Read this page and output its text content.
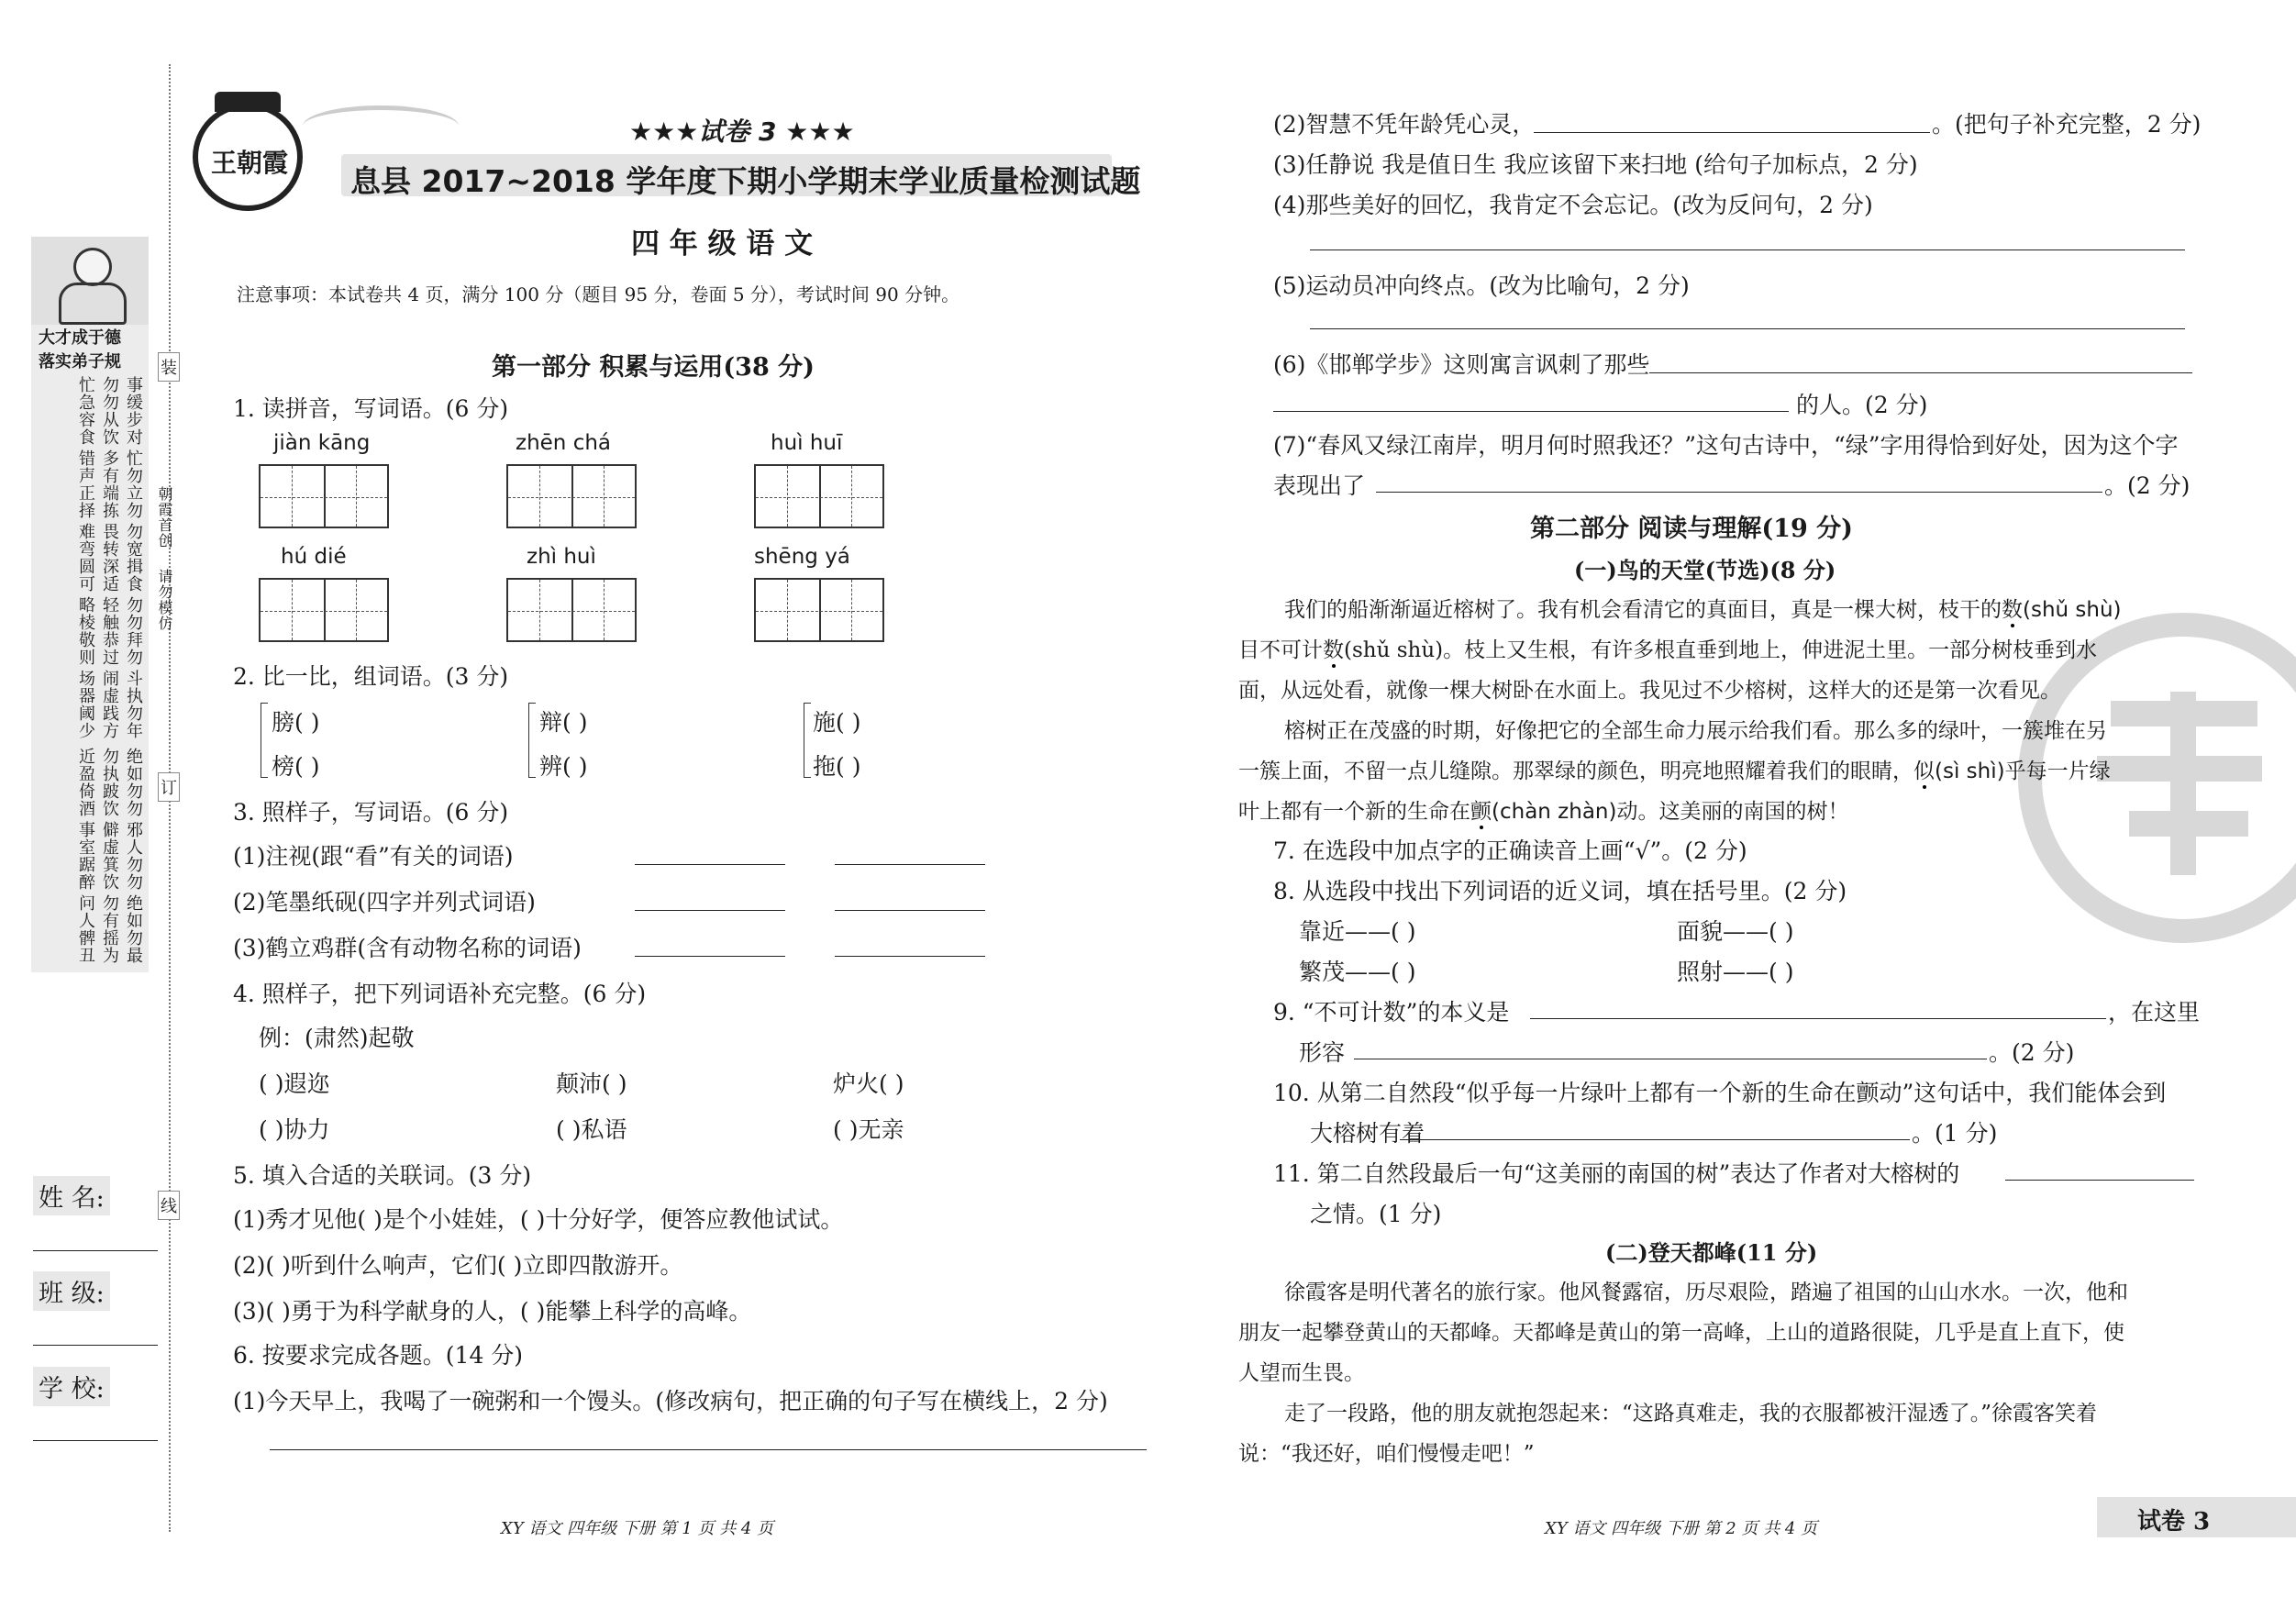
王朝霞
★★★试卷 3 ★★★
息县 2017~2018 学年度下期小学期末学业质量检测试题
四 年 级 语 文
注意事项：本试卷共 4 页，满分 100 分（题目 95 分，卷面 5 分），考试时间 90 分钟。
大才成于德
落实弟子规
事缓步对
勿勿从饮
忙急容食
忙勿立勿
多有端拣
错声正择
勿宽揖食
畏转深适
难弯圆可
勿勿拜勿
轻触恭过
略棱敬则
斗执勿年
闹虚践方
场器阈少
绝如勿勿
勿执跛饮
近盈倚酒
邪人勿勿
僻虚箕饮
事室踞醉
绝如勿最
勿有摇为
问人髀丑
装
订
线
朝霞首创
请勿模仿
姓 名:
班 级:
学 校:
第一部分 积累与运用(38 分)
1. 读拼音，写词语。(6 分)
jiàn kāng	zhēn chá	huì huī
hú dié	zhì huì	shēng yá
2. 比一比，组词语。(3 分)
膀( )
榜( )
辩( )
辨( )
施( )
拖( )
3. 照样子，写词语。(6 分)
(1)注视(跟“看”有关的词语)
(2)笔墨纸砚(四字并列式词语)
(3)鹤立鸡群(含有动物名称的词语)
4. 照样子，把下列词语补充完整。(6 分)
例：(肃然)起敬
( )遐迩	颠沛( )	炉火( )
( )协力	( )私语	( )无亲
5. 填入合适的关联词。(3 分)
(1)秀才见他( )是个小娃娃，( )十分好学，便答应教他试试。
(2)( )听到什么响声，它们( )立即四散游开。
(3)( )勇于为科学献身的人，( )能攀上科学的高峰。
6. 按要求完成各题。(14 分)
(1)今天早上，我喝了一碗粥和一个馒头。(修改病句，把正确的句子写在横线上，2 分)
XY 语文 四年级 下册 第 1 页 共 4 页
(2)智慧不凭年龄凭心灵，	。(把句子补充完整，2 分)
(3)任静说 我是值日生 我应该留下来扫地 (给句子加标点，2 分)
(4)那些美好的回忆，我肯定不会忘记。(改为反问句，2 分)
(5)运动员冲向终点。(改为比喻句，2 分)
(6)《邯郸学步》这则寓言讽刺了那些
的人。(2 分)
(7)“春风又绿江南岸，明月何时照我还？”这句古诗中，“绿”字用得恰到好处，因为这个字
表现出了	。(2 分)
第二部分 阅读与理解(19 分)
(一)鸟的天堂(节选)(8 分)
我们的船渐渐逼近榕树了。我有机会看清它的真面目，真是一棵大树，枝干的数(shǔ shù)
目不可计数(shǔ shù)。枝上又生根，有许多根直垂到地上，伸进泥土里。一部分树枝垂到水
面，从远处看，就像一棵大树卧在水面上。我见过不少榕树，这样大的还是第一次看见。
榕树正在茂盛的时期，好像把它的全部生命力展示给我们看。那么多的绿叶，一簇堆在另
一簇上面，不留一点儿缝隙。那翠绿的颜色，明亮地照耀着我们的眼睛，似(sì shì)乎每一片绿
叶上都有一个新的生命在颤(chàn zhàn)动。这美丽的南国的树！
7. 在选段中加点字的正确读音上画“√”。(2 分)
8. 从选段中找出下列词语的近义词，填在括号里。(2 分)
靠近——( )	面貌——( )
繁茂——( )	照射——( )
9. “不可计数”的本义是	，在这里
形容	。(2 分)
10. 从第二自然段“似乎每一片绿叶上都有一个新的生命在颤动”这句话中，我们能体会到
大榕树有着	。(1 分)
11. 第二自然段最后一句“这美丽的南国的树”表达了作者对大榕树的
之情。(1 分)
(二)登天都峰(11 分)
徐霞客是明代著名的旅行家。他风餐露宿，历尽艰险，踏遍了祖国的山山水水。一次，他和
朋友一起攀登黄山的天都峰。天都峰是黄山的第一高峰，上山的道路很陡，几乎是直上直下，使
人望而生畏。
走了一段路，他的朋友就抱怨起来：“这路真难走，我的衣服都被汗湿透了。”徐霞客笑着
说：“我还好，咱们慢慢走吧！”
XY 语文 四年级 下册 第 2 页 共 4 页	试卷 3
